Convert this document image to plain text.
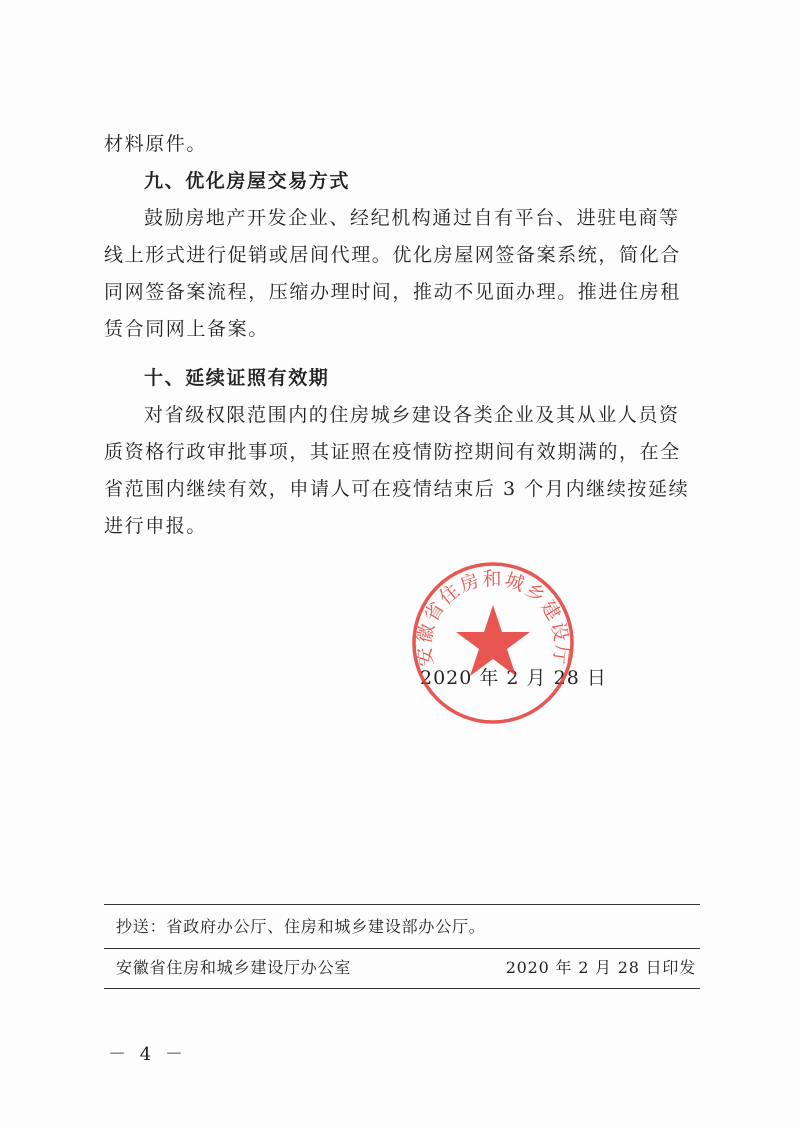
材料原件。
九、优化房屋交易方式
鼓励房地产开发企业、经纪机构通过自有平台、进驻电商等
线上形式进行促销或居间代理。优化房屋网签备案系统，简化合
同网签备案流程，压缩办理时间，推动不见面办理。推进住房租
赁合同网上备案。
十、延续证照有效期
对省级权限范围内的住房城乡建设各类企业及其从业人员资
质资格行政审批事项，其证照在疫情防控期间有效期满的，在全
省范围内继续有效，申请人可在疫情结束后 3 个月内继续按延续
进行申报。
安徽省住房和城乡建设厅
2020 年 2 月 28 日
抄送：省政府办公厅、住房和城乡建设部办公厅。
安徽省住房和城乡建设厅办公室	2020 年 2 月 28 日印发
－ 4 －
